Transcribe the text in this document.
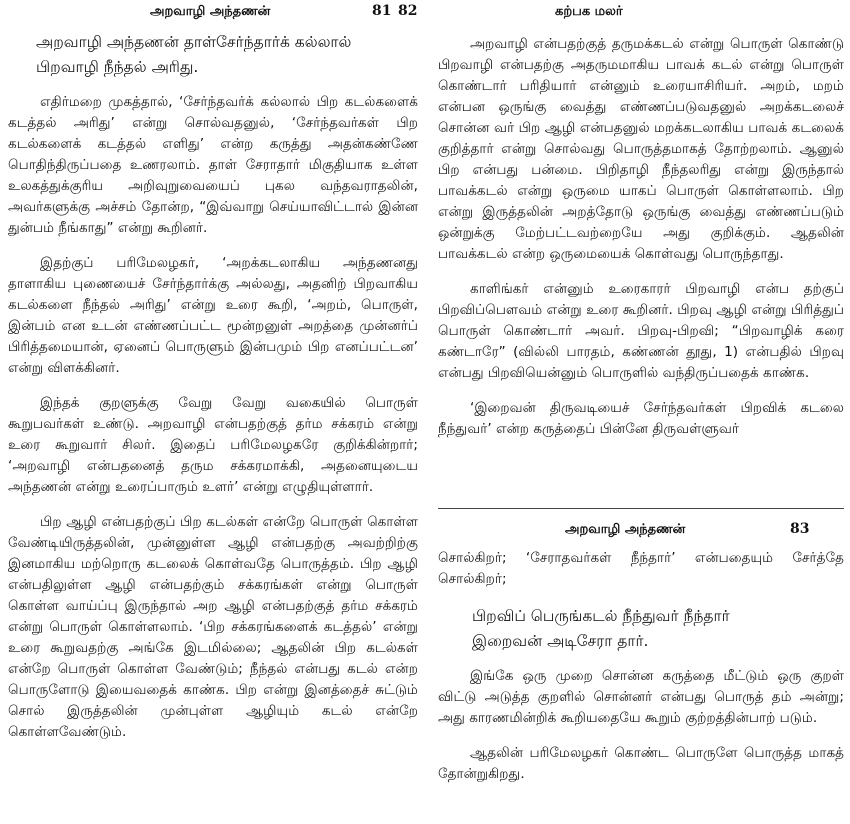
அறவாழி அந்தணன்	81
அறவாழி அந்தணன் தாள்சேர்ந்தார்க் கல்லால்
பிறவாழி நீந்தல் அரிது.

எதிர்மறை முகத்தால், ‘சேர்ந்தவர்க் கல்லால் பிற கடல்களைக் கடத்தல் அரிது’ என்று சொல்வதனுல், ‘சேர்ந்தவர்கள் பிற கடல்களைக் கடத்தல் எளிது’ என்ற கருத்து அதன்கண்ணே பொதிந்திருப்பதை உணரலாம். தாள் சேராதார் மிகுதியாக உள்ள உலகத்துக்குரிய அறிவுறுவையைப் புகல வந்தவராதலின், அவர்களுக்கு அச்சம் தோன்ற, “இவ்வாறு செய்யாவிட்டால் இன்ன துன்பம் நீங்காது” என்று கூறினர்.

இதற்குப் பரிமேலழகர், ‘அறக்கடலாகிய அந்தணனது தாளாகிய புணையைச் சேர்ந்தார்க்கு அல்லது, அதனிற் பிறவாகிய கடல்களை நீந்தல் அரிது’ என்று உரை கூறி, ‘அறம், பொருள், இன்பம் என உடன் எண்ணப்பட்ட மூன்றனுள் அறத்தை முன்னர்ப் பிரித்தமையான், ஏனைப் பொருளும் இன்பமும் பிற எனப்பட்டன’ என்று விளக்கினர்.

இந்தக் குறளுக்கு வேறு வேறு வகையில் பொருள் கூறுபவர்கள் உண்டு. அறவாழி என்பதற்குத் தர்ம சக்கரம் என்று உரை கூறுவார் சிலர். இதைப் பரிமேலழகரே குறிக்கின்றார்; ‘அறவாழி என்பதனைத் தரும சக்கரமாக்கி, அதனையுடைய அந்தணன் என்று உரைப்பாரும் உளர்’ என்று எழுதியுள்ளார்.

பிற ஆழி என்பதற்குப் பிற கடல்கள் என்றே பொருள் கொள்ள வேண்டியிருத்தலின், முன்னுள்ள ஆழி என்பதற்கு அவற்றிற்கு இனமாகிய மற்றொரு கடலைக் கொள்வதே பொருத்தம். பிற ஆழி என்பதிலுள்ள ஆழி என்பதற்கும் சக்கரங்கள் என்று பொருள் கொள்ள வாய்ப்பு இருந்தால் அற ஆழி என்பதற்குத் தர்ம சக்கரம் என்று பொருள் கொள்ளலாம். ‘பிற சக்கரங்களைக் கடத்தல்’ என்று உரை கூறுவதற்கு அங்கே இடமில்லை; ஆதலின் பிற கடல்கள் என்றே பொருள் கொள்ள வேண்டும்; நீந்தல் என்பது கடல் என்ற பொருளோடு இயைவதைக் காண்க. பிற என்று இனத்தைச் சுட்டும் சொல் இருத்தலின் முன்புள்ள ஆழியும் கடல் என்றே கொள்ளவேண்டும்.

82	கற்பக மலர்

அறவாழி என்பதற்குத் தருமக்கடல் என்று பொருள் கொண்டு பிறவாழி என்பதற்கு அதருமமாகிய பாவக் கடல் என்று பொருள் கொண்டார் பரிதியார் என்னும் உரையாசிரியர். அறம், மறம் என்பன ஒருங்கு வைத்து எண்ணப்படுவதனுல் அறக்கடலைச் சொன்ன வர் பிற ஆழி என்பதனுல் மறக்கடலாகிய பாவக் கடலைக் குறித்தார் என்று சொல்வது பொருத்தமாகத் தோற்றலாம். ஆனுல் பிற என்பது பன்மை. பிறிதாழி நீந்தலரிது என்று இருந்தால் பாவக்கடல் என்று ஒருமை யாகப் பொருள் கொள்ளலாம். பிற என்று இருத்தலின் அறத்தோடு ஒருங்கு வைத்து எண்ணப்படும் ஒன்றுக்கு மேற்பட்டவற்றையே அது குறிக்கும். ஆதலின் பாவக்கடல் என்ற ஒருமையைக் கொள்வது பொருந்தாது.

காளிங்கர் என்னும் உரைகாரர் பிறவாழி என்ப தற்குப் பிறவிப்பௌவம் என்று உரை கூறினர். பிறவு ஆழி என்று பிரித்துப் பொருள் கொண்டார் அவர். பிறவு-பிறவி; “பிறவாழிக் கரை கண்டாரே” (வில்லி பாரதம், கண்ணன் தூது, 1) என்பதில் பிறவு என்பது பிறவியென்னும் பொருளில் வந்திருப்பதைக் காண்க.

‘இறைவன் திருவடியைச் சேர்ந்தவர்கள் பிறவிக் கடலை நீந்துவர்’ என்ற கருத்தைப் பின்னே திருவள்ளுவர்

அறவாழி அந்தணன்	83

சொல்கிறர்; ‘சேராதவர்கள் நீந்தார்’ என்பதையும் சேர்த்தே சொல்கிறர்;

பிறவிப் பெருங்கடல் நீந்துவர் நீந்தார்
இறைவன் அடிசேரா தார்.

இங்கே ஒரு முறை சொன்ன கருத்தை மீட்டும் ஒரு குறள் விட்டு அடுத்த குறளில் சொன்னர் என்பது பொருத் தம் அன்று; அது காரணமின்றிக் கூறியதையே கூறும் குற்றத்தின்பாற் படும்.

ஆதலின் பரிமேலழகர் கொண்ட பொருளே பொருத்த மாகத் தோன்றுகிறது.
